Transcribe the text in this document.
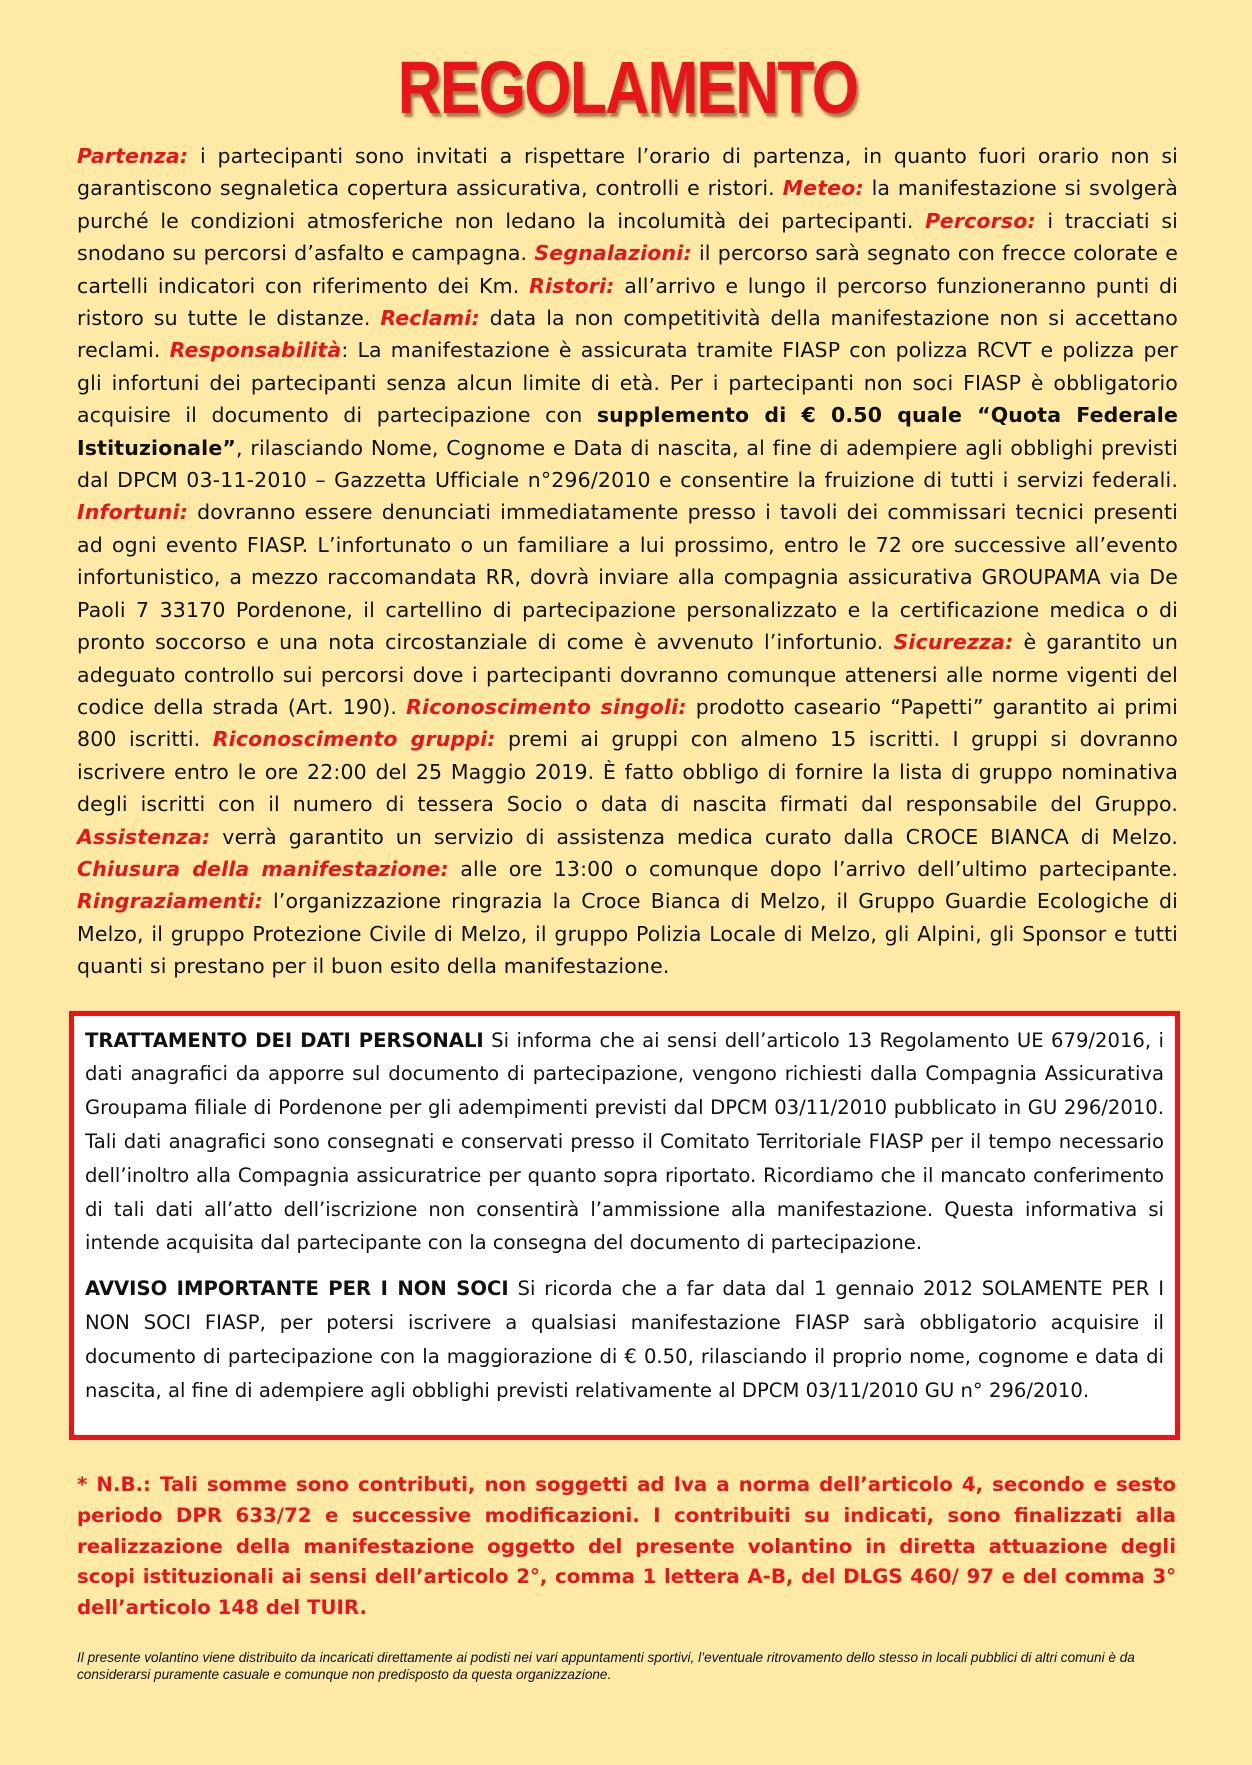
REGOLAMENTO

Partenza: i partecipanti sono invitati a rispettare l’orario di partenza, in quanto fuori orario non si garantiscono segnaletica copertura assicurativa, controlli e ristori. Meteo: la manifestazione si svolgerà purché le condizioni atmosferiche non ledano la incolumità dei partecipanti. Percorso: i tracciati si snodano su percorsi d’asfalto e campagna. Segnalazioni: il percorso sarà segnato con frecce colorate e cartelli indicatori con riferimento dei Km. Ristori: all’arrivo e lungo il percorso funzioneranno punti di ristoro su tutte le distanze. Reclami: data la non competitività della manifestazione non si accettano reclami. Responsabilità: La manifestazione è assicurata tramite FIASP con polizza RCVT e polizza per gli infortuni dei partecipanti senza alcun limite di età. Per i partecipanti non soci FIASP è obbligatorio acquisire il documento di partecipazione con supplemento di € 0.50 quale “Quota Federale Istituzionale”, rilasciando Nome, Cognome e Data di nascita, al fine di adempiere agli obblighi previsti dal DPCM 03-11-2010 – Gazzetta Ufficiale n°296/2010 e consentire la fruizione di tutti i servizi federali. Infortuni: dovranno essere denunciati immediatamente presso i tavoli dei commissari tecnici presenti ad ogni evento FIASP. L’infortunato o un familiare a lui prossimo, entro le 72 ore successive all’evento infortunistico, a mezzo raccomandata RR, dovrà inviare alla compagnia assicurativa GROUPAMA via De Paoli 7 33170 Pordenone, il cartellino di partecipazione personalizzato e la certificazione medica o di pronto soccorso e una nota circostanziale di come è avvenuto l’infortunio. Sicurezza: è garantito un adeguato controllo sui percorsi dove i partecipanti dovranno comunque attenersi alle norme vigenti del codice della strada (Art. 190). Riconoscimento singoli: prodotto caseario “Papetti” garantito ai primi 800 iscritti. Riconoscimento gruppi: premi ai gruppi con almeno 15 iscritti. I gruppi si dovranno iscrivere entro le ore 22:00 del 25 Maggio 2019. È fatto obbligo di fornire la lista di gruppo nominativa degli iscritti con il numero di tessera Socio o data di nascita firmati dal responsabile del Gruppo. Assistenza: verrà garantito un servizio di assistenza medica curato dalla CROCE BIANCA di Melzo. Chiusura della manifestazione: alle ore 13:00 o comunque dopo l’arrivo dell’ultimo partecipante. Ringraziamenti: l’organizzazione ringrazia la Croce Bianca di Melzo, il Gruppo Guardie Ecologiche di Melzo, il gruppo Protezione Civile di Melzo, il gruppo Polizia Locale di Melzo, gli Alpini, gli Sponsor e tutti quanti si prestano per il buon esito della manifestazione.

TRATTAMENTO DEI DATI PERSONALI Si informa che ai sensi dell’articolo 13 Regolamento UE 679/2016, i dati anagrafici da apporre sul documento di partecipazione, vengono richiesti dalla Compagnia Assicurativa Groupama filiale di Pordenone per gli adempimenti previsti dal DPCM 03/11/2010 pubblicato in GU 296/2010. Tali dati anagrafici sono consegnati e conservati presso il Comitato Territoriale FIASP per il tempo necessario dell’inoltro alla Compagnia assicuratrice per quanto sopra riportato. Ricordiamo che il mancato conferimento di tali dati all’atto dell’iscrizione non consentirà l’ammissione alla manifestazione. Questa informativa si intende acquisita dal partecipante con la consegna del documento di partecipazione.

AVVISO IMPORTANTE PER I NON SOCI Si ricorda che a far data dal 1 gennaio 2012 SOLAMENTE PER I NON SOCI FIASP, per potersi iscrivere a qualsiasi manifestazione FIASP sarà obbligatorio acquisire il documento di partecipazione con la maggiorazione di € 0.50, rilasciando il proprio nome, cognome e data di nascita, al fine di adempiere agli obblighi previsti relativamente al DPCM 03/11/2010 GU n° 296/2010.

* N.B.: Tali somme sono contributi, non soggetti ad Iva a norma dell’articolo 4, secondo e sesto periodo DPR 633/72 e successive modificazioni. I contribuiti su indicati, sono finalizzati alla realizzazione della manifestazione oggetto del presente volantino in diretta attuazione degli scopi istituzionali ai sensi dell’articolo 2°, comma 1 lettera A-B, del DLGS 460/ 97 e del comma 3° dell’articolo 148 del TUIR.

Il presente volantino viene distribuito da incaricati direttamente ai podisti nei vari appuntamenti sportivi, l’eventuale ritrovamento dello stesso in locali pubblici di altri comuni è da considerarsi puramente casuale e comunque non predisposto da questa organizzazione.
